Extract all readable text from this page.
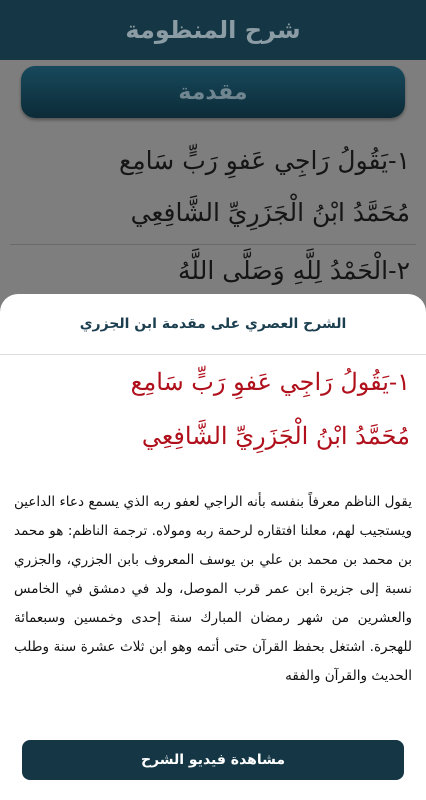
شرح المنظومة
مقدمة
١-يَقُولُ رَاجِي عَفوِ رَبٍّ سَامِع
مُحَمَّدُ ابْنُ الْجَزَرِيِّ الشَّافِعِي
٢-الْحَمْدُ لِلَّهِ وَصَلَّى اللَّهُ
الشرح العصري على مقدمة ابن الجزري
١-يَقُولُ رَاجِي عَفوِ رَبٍّ سَامِع
مُحَمَّدُ ابْنُ الْجَزَرِيِّ الشَّافِعِي
يقول الناظم معرفاً بنفسه بأنه الراجي لعفو ربه الذي يسمع دعاء الداعين ويستجيب لهم، معلنا افتقاره لرحمة ربه ومولاه. ترجمة الناظم: هو محمد بن محمد بن محمد بن علي بن يوسف المعروف بابن الجزري، والجزري نسبة إلى جزيرة ابن عمر قرب الموصل، ولد في دمشق في الخامس والعشرين من شهر رمضان المبارك سنة إحدى وخمسين وسبعمائة للهجرة. اشتغل بحفظ القرآن حتى أتمه وهو ابن ثلاث عشرة سنة وطلب الحديث والقرآن والفقه
مشاهدة فيديو الشرح
